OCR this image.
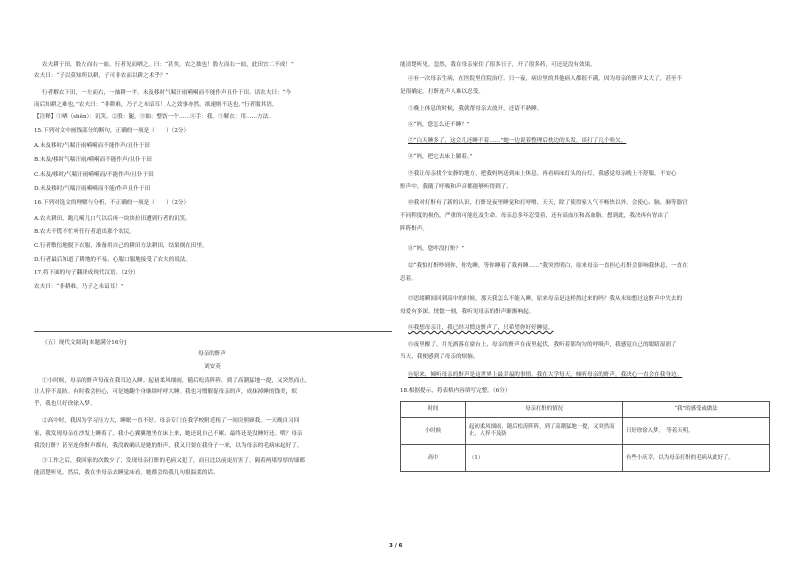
农夫耕于田，股左而右一皿，行者见而哂之，曰：“甚矣，农之拙也！股左而右一皿，此田宜二不成！”
农夫曰：“子以莫知所以耕，子可非农而以耕之术乎？”
行者解衣下田，一左而右，一抽耕一平。未及移时气喘汗雨嗬嗬而不能作声且仆于田。请农夫曰：“今
而后知耕之难也。”农夫曰：“非耕难，乃子之未谙耳！人之效事亦然，欲速则不达也。”行者服其语。
【注释】①哂（shěn）：讥笑。②股：腿。③抽：整饬一个……④手：我。⑤解衣：用……方法。
15.下列对文中画线部分的断句，正确的一项是（　　）（2分）
A.未及移时/气喘汗雨嗬嗬而不能作声/且仆于田
B.未及/移时气喘汗雨/嗬嗬而不能作声/且仆于田
C.未及/移时/气喘汗雨嗬嗬而/不能作声/且仆于田
D.未及移时/气喘汗雨嗬嗬而不能/作声且仆于田
16.下列对选文的理解与分析，不正确的一项是（　　）（2分）
A.农夫耕田，跑几嗬儿口气以后再一块块拉田遭到行者的讥笑。
B.农夫不慌不忙听任行者道出那个农民。
C.行者敷衍地脱下衣服，准备用自己的耕田方法耕田，结果倒在田里。
D.行者最后知道了耕地的不易，心服口服地接受了农夫的说法。
17.将下面的句子翻译成现代汉语。（2分）
农夫曰：“非耕难，乃子之未谙耳！”
（五）现代文阅读[本题满分16分]
母亲的鼾声
刘安英
①小时候，母亲的鼾声每夜在我耳边入睡。起初柔风细雨，随后松涛阵阵，到了高潮猛地一提，又突然而止，
让人猝不及防。有时我会担心，可是她翻个身继续呼呼大睡。我也习惯催促母亲的声，成抹掉睡的钱美，似
乎，我也只好徐徐入梦。
②高中时，我因为学习压力大，睡眠一直不好。母亲专门在我学校附近租了一间房照顾我。一天晚自习回
家，我发现母亲在沙发上睡着了，我小心翼翼地坐在床上来，她还说自己不累，最终还是没睡好还。喂？母亲
我没打鼾？甚至连你鼾声都有，我没敢确认是她的鼾声，我又只要在我身子一来，以为母亲的毛病床起好了。
③工作之后，我回家的次数少了，发现母亲打鼾的毛病又犯了，而且比以前更厉害了。隔着两堵厚厚的墙都
能清楚听见。然后，我在坐母亲去睡觉床看，她都会给我几句很温柔的话。
能清楚听见。忽然，我在母亲家住了很多日子，开了很多药，可还是没有效果。
④有一次母亲生病，在医院里住院治疗。只一夜，病房里的其他病人都很不满，因为母亲的鼾声太大了，甚至不
是很确定。打鼾连声人难以忍受。
⑤晚上体息的时候，我就帮母亲去放开，还请不熟睡。
⑥“妈，您怎么还不睡？”
⑦“白天睡多了，这会儿还睡不着……”她一边说着整理后枕边的头发，谈打了几个哈欠。
⑧“妈，把它去床上躺着。”
⑨我让母亲找个安静的地方，把我妈妈送到床上休息。再看病床灯头的台灯，我感觉母亲晚上不舒服，不安心
鼾声中。我随了呼吸和声音都能够听得到了。
⑩我对打鼾有了新的认识，打鼾是夜里睡觉和打呼噜、天天，除了使得家人气不畅快以外，会使心、脑、肺等器官
不同程度的损伤，严重的可能危及生命。母亲总多年忍受着，还有高血压和高血脂。想到此，我决再有胃由了
阵阵鼾声。
⑪“妈，您咋没打鼾？”
⑫“我怕打鼾吵到你，你先睡，等你睡着了我再睡……”我突然明白，原来母亲一直担心打鼾会影响我休息，一直在
忍着。
⑬思绪瞬间回到高中的时候，那天我怎么不能入睡，原来母亲是这样熬过来的吗？我从未知想过这鼾声中失去的
母爱有多深。恍惚一刻，我听见母亲的鼾声渐渐响起。
⑭我想母亲让，我已经习惯这鼾声了，只希望你好好睡觉。
⑮夜里醒了，月光洒落在窗台上，母亲的鼾声在夜里起伏，我听着那均匀的呼吸声，我感觉自己的眼睛湿润了
当天，我便感到了母亲的烦恼。
⑯原来，倾听母亲的鼾声是这世界上最幸福的事情。我在大学每天，倾听母亲的鼾声，我决心一直会在我身边。
18.根据提示，将表格内容填写完整。（6分）
时间	母亲打鼾的情况	“我”的感受或做法
小时候	起初柔风细雨，随后松涛阵阵，到了高潮猛地一提，又突然而止，人猝不及防	只好徐徐入梦。　等着天明。
高中	（1）	有些小庆幸，以为母亲打鼾的毛病从此好了。
3 / 6
